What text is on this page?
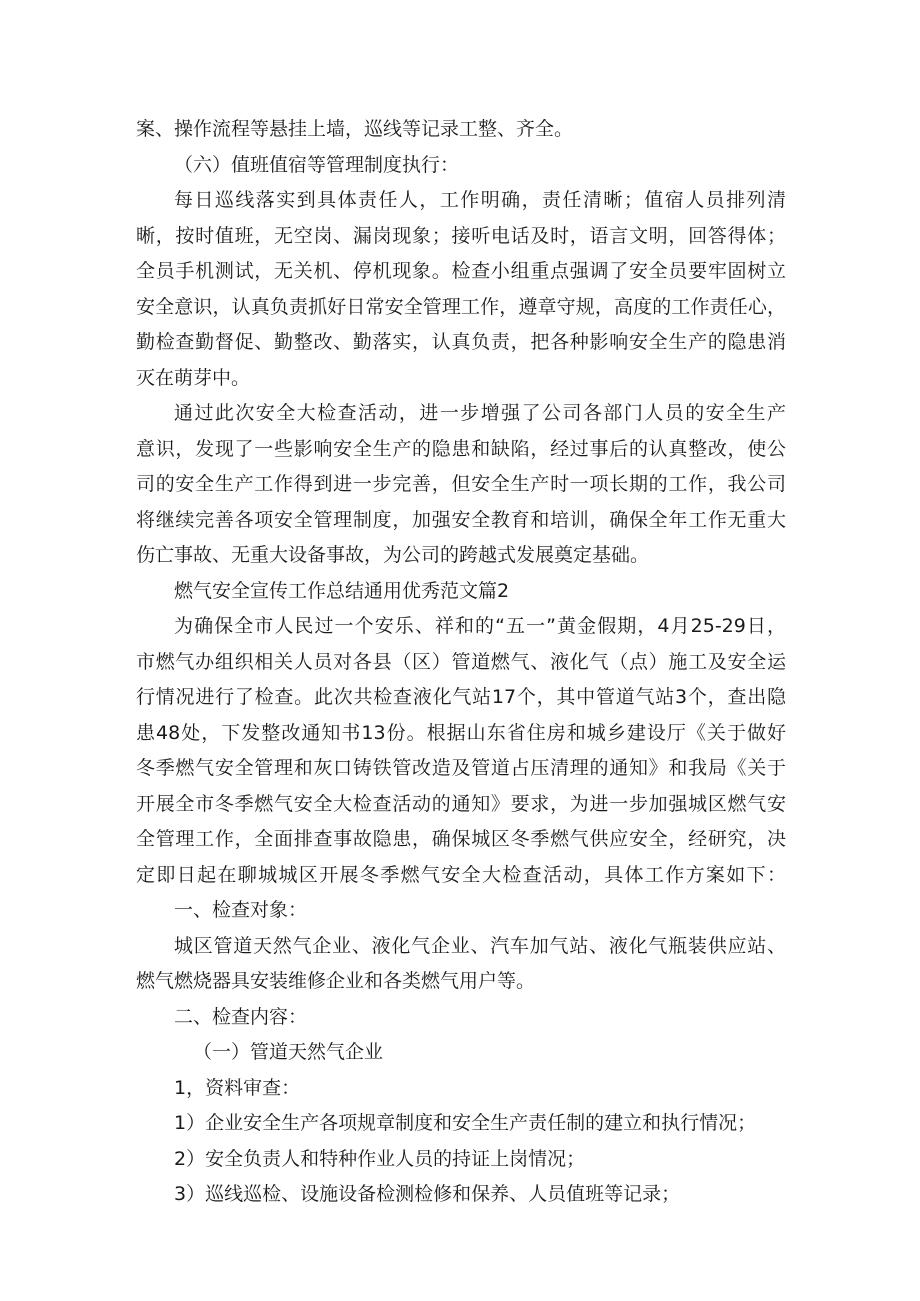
案、操作流程等悬挂上墙，巡线等记录工整、齐全。
（六）值班值宿等管理制度执行：
每日巡线落实到具体责任人，工作明确，责任清晰；值宿人员排列清
晰，按时值班，无空岗、漏岗现象；接听电话及时，语言文明，回答得体；
全员手机测试，无关机、停机现象。检查小组重点强调了安全员要牢固树立
安全意识，认真负责抓好日常安全管理工作，遵章守规，高度的工作责任心，
勤检查勤督促、勤整改、勤落实，认真负责，把各种影响安全生产的隐患消
灭在萌芽中。
通过此次安全大检查活动，进一步增强了公司各部门人员的安全生产
意识，发现了一些影响安全生产的隐患和缺陷，经过事后的认真整改，使公
司的安全生产工作得到进一步完善，但安全生产时一项长期的工作，我公司
将继续完善各项安全管理制度，加强安全教育和培训，确保全年工作无重大
伤亡事故、无重大设备事故，为公司的跨越式发展奠定基础。
燃气安全宣传工作总结通用优秀范文篇2
为确保全市人民过一个安乐、祥和的“五一”黄金假期，4月25-29日，
市燃气办组织相关人员对各县（区）管道燃气、液化气（点）施工及安全运
行情况进行了检查。此次共检查液化气站17个，其中管道气站3个，查出隐
患48处，下发整改通知书13份。根据山东省住房和城乡建设厅《关于做好
冬季燃气安全管理和灰口铸铁管改造及管道占压清理的通知》和我局《关于
开展全市冬季燃气安全大检查活动的通知》要求，为进一步加强城区燃气安
全管理工作，全面排查事故隐患，确保城区冬季燃气供应安全，经研究，决
定即日起在聊城城区开展冬季燃气安全大检查活动，具体工作方案如下：
一、检查对象：
城区管道天然气企业、液化气企业、汽车加气站、液化气瓶装供应站、
燃气燃烧器具安装维修企业和各类燃气用户等。
二、检查内容：
（一）管道天然气企业
1，资料审查：
1）企业安全生产各项规章制度和安全生产责任制的建立和执行情况；
2）安全负责人和特种作业人员的持证上岗情况；
3）巡线巡检、设施设备检测检修和保养、人员值班等记录；
